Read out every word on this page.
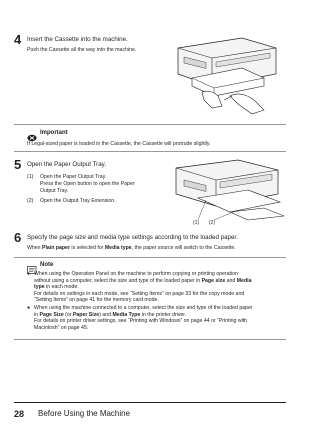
4 Insert the Cassette into the machine.
Push the Cassette all the way into the machine.
Important
If Legal-sized paper is loaded in the Cassette, the Cassette will protrude slightly.
5 Open the Paper Output Tray.
(1) Open the Paper Output Tray.
Press the Open button to open the Paper
Output Tray.
(2) Open the Output Tray Extension.
(1) (2)
6 Specify the page size and media type settings according to the loaded paper.
When Plain paper is selected for Media type, the paper source will switch to the Cassette.
Note
● When using the Operation Panel on the machine to perform copying or printing operation
without using a computer, select the size and type of the loaded paper in Page size and Media
type in each mode.
For details on settings in each mode, see “Setting Items” on page 33 for the copy mode and
“Setting Items” on page 41 for the memory card mode.
● When using the machine connected to a computer, select the size and type of the loaded paper
in Page Size (or Paper Size) and Media Type in the printer driver.
For details on printer driver settings, see “Printing with Windows” on page 44 or “Printing with
Macintosh” on page 45.
28 Before Using the Machine
